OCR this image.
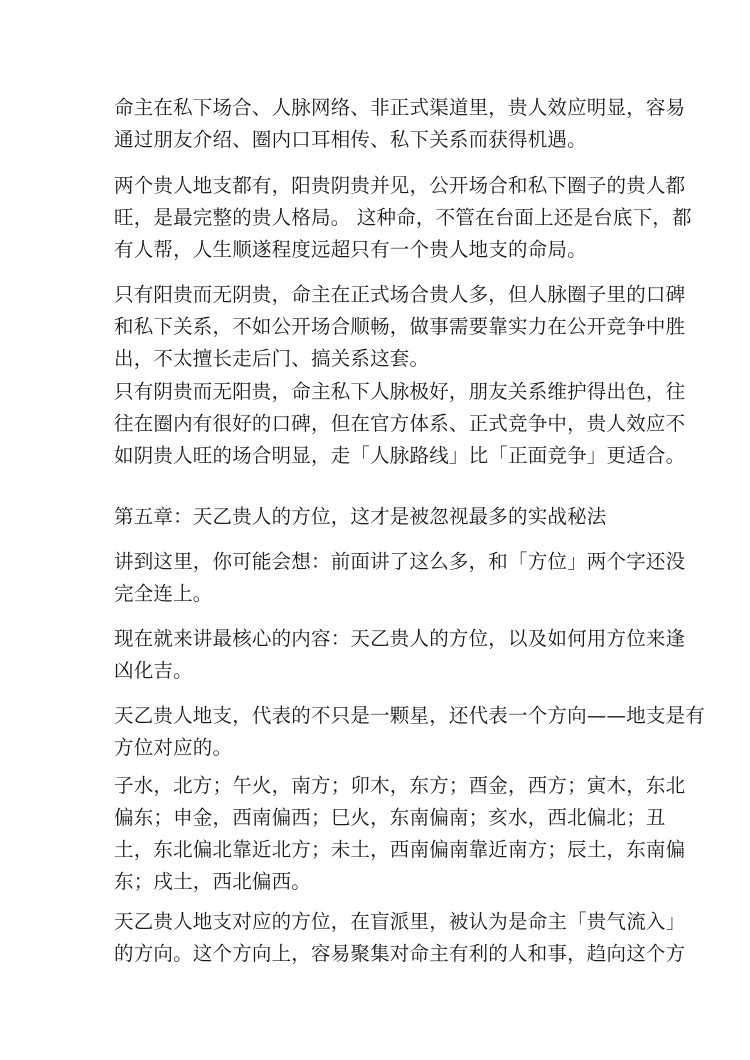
命主在私下场合、人脉网络、非正式渠道里，贵人效应明显，容易
通过朋友介绍、圈内口耳相传、私下关系而获得机遇。
两个贵人地支都有，阳贵阴贵并见，公开场合和私下圈子的贵人都
旺，是最完整的贵人格局。 这种命，不管在台面上还是台底下，都
有人帮，人生顺遂程度远超只有一个贵人地支的命局。
只有阳贵而无阴贵，命主在正式场合贵人多，但人脉圈子里的口碑
和私下关系，不如公开场合顺畅，做事需要靠实力在公开竞争中胜
出，不太擅长走后门、搞关系这套。
只有阴贵而无阳贵，命主私下人脉极好，朋友关系维护得出色，往
往在圈内有很好的口碑，但在官方体系、正式竞争中，贵人效应不
如阴贵人旺的场合明显，走「人脉路线」比「正面竞争」更适合。
第五章：天乙贵人的方位，这才是被忽视最多的实战秘法
讲到这里，你可能会想：前面讲了这么多，和「方位」两个字还没
完全连上。
现在就来讲最核心的内容：天乙贵人的方位，以及如何用方位来逢
凶化吉。
天乙贵人地支，代表的不只是一颗星，还代表一个方向——地支是有
方位对应的。
子水，北方；午火，南方；卯木，东方；酉金，西方；寅木，东北
偏东；申金，西南偏西；巳火，东南偏南；亥水，西北偏北；丑
土，东北偏北靠近北方；未土，西南偏南靠近南方；辰土，东南偏
东；戌土，西北偏西。
天乙贵人地支对应的方位，在盲派里，被认为是命主「贵气流入」
的方向。这个方向上，容易聚集对命主有利的人和事，趋向这个方
